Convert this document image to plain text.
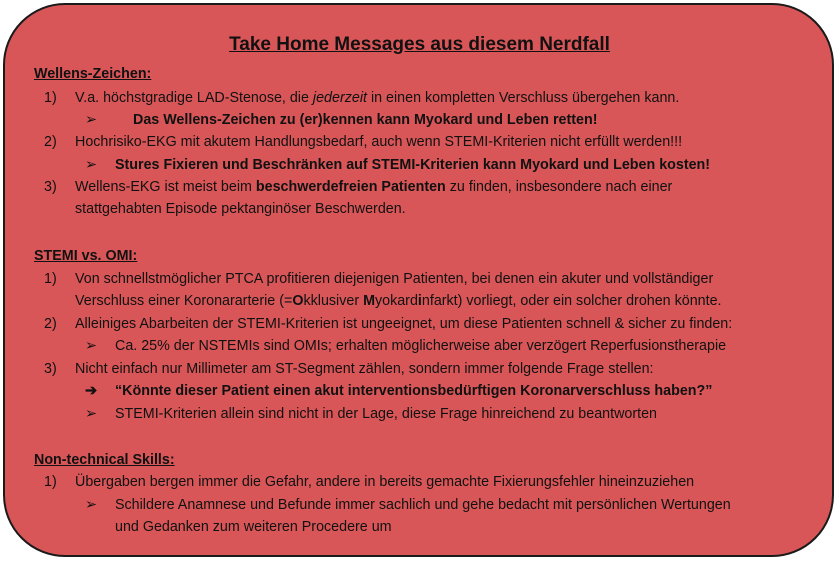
Take Home Messages aus diesem Nerdfall
Wellens-Zeichen:
1) V.a. höchstgradige LAD-Stenose, die jederzeit in einen kompletten Verschluss übergehen kann.
➢	Das Wellens-Zeichen zu (er)kennen kann Myokard und Leben retten!
2) Hochrisiko-EKG mit akutem Handlungsbedarf, auch wenn STEMI-Kriterien nicht erfüllt werden!!!
➢ Stures Fixieren und Beschränken auf STEMI-Kriterien kann Myokard und Leben kosten!
3) Wellens-EKG ist meist beim beschwerdefreien Patienten zu finden, insbesondere nach einer
stattgehabten Episode pektanginöser Beschwerden.
STEMI vs. OMI:
1) Von schnellstmöglicher PTCA profitieren diejenigen Patienten, bei denen ein akuter und vollständiger
Verschluss einer Koronararterie (=Okklusiver Myokardinfarkt) vorliegt, oder ein solcher drohen könnte.
2) Alleiniges Abarbeiten der STEMI-Kriterien ist ungeeignet, um diese Patienten schnell & sicher zu finden:
➢ Ca. 25% der NSTEMIs sind OMIs; erhalten möglicherweise aber verzögert Reperfusionstherapie
3) Nicht einfach nur Millimeter am ST-Segment zählen, sondern immer folgende Frage stellen:
➔ “Könnte dieser Patient einen akut interventionsbedürftigen Koronarverschluss haben?”
➢ STEMI-Kriterien allein sind nicht in der Lage, diese Frage hinreichend zu beantworten
Non-technical Skills:
1) Übergaben bergen immer die Gefahr, andere in bereits gemachte Fixierungsfehler hineinzuziehen
➢ Schildere Anamnese und Befunde immer sachlich und gehe bedacht mit persönlichen Wertungen
und Gedanken zum weiteren Procedere um
